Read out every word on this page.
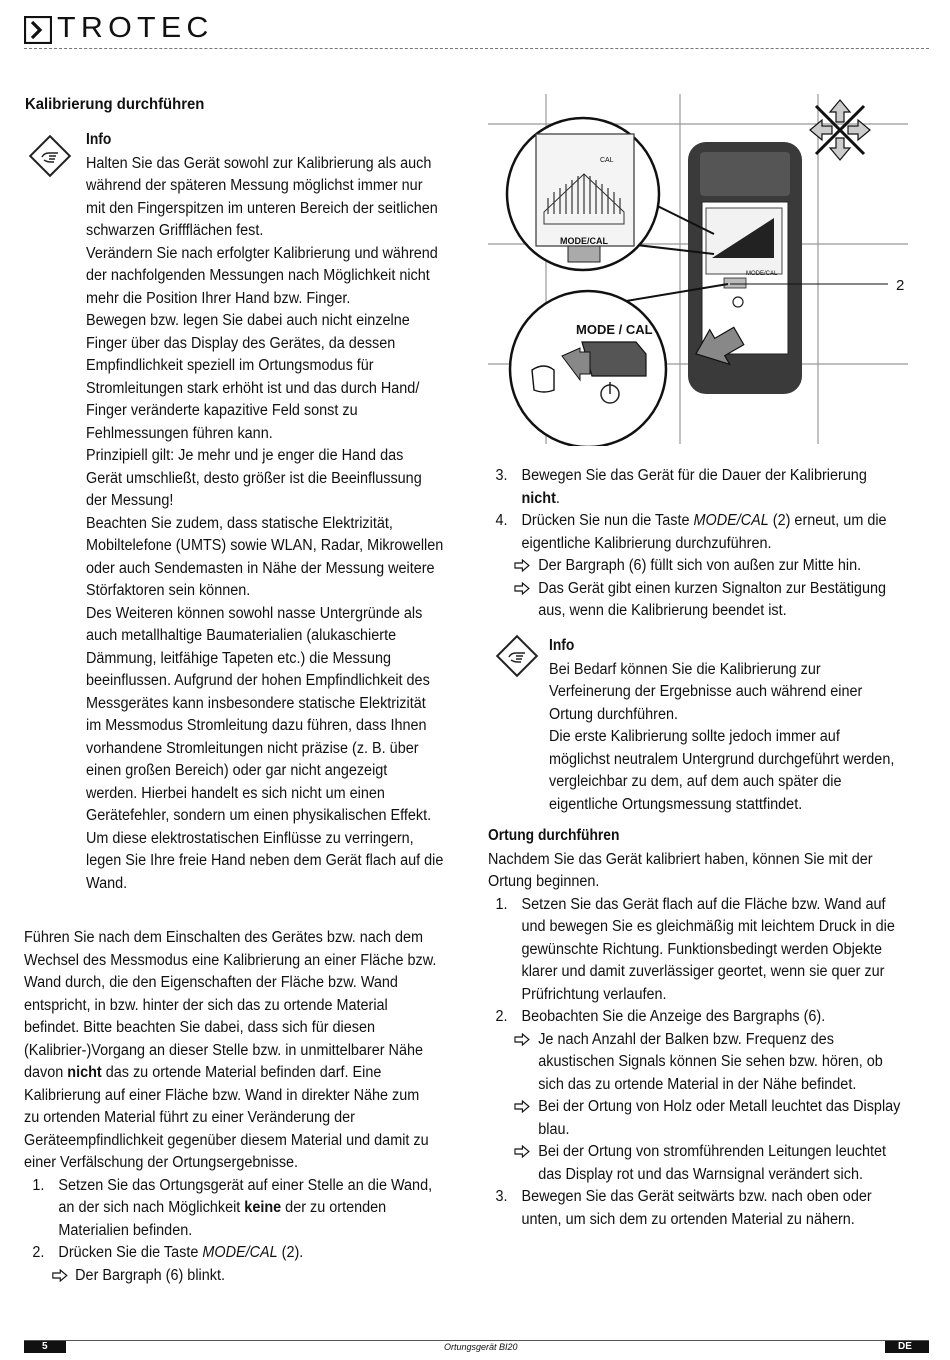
TROTEC
Kalibrierung durchführen
Info
Halten Sie das Gerät sowohl zur Kalibrierung als auch
während der späteren Messung möglichst immer nur
mit den Fingerspitzen im unteren Bereich der seitlichen
schwarzen Griffflächen fest.
Verändern Sie nach erfolgter Kalibrierung und während
der nachfolgenden Messungen nach Möglichkeit nicht
mehr die Position Ihrer Hand bzw. Finger.
Bewegen bzw. legen Sie dabei auch nicht einzelne
Finger über das Display des Gerätes, da dessen
Empfindlichkeit speziell im Ortungsmodus für
Stromleitungen stark erhöht ist und das durch Hand/
Finger veränderte kapazitive Feld sonst zu
Fehlmessungen führen kann.
Prinzipiell gilt: Je mehr und je enger die Hand das
Gerät umschließt, desto größer ist die Beeinflussung
der Messung!
Beachten Sie zudem, dass statische Elektrizität,
Mobiltelefone (UMTS) sowie WLAN, Radar, Mikrowellen
oder auch Sendemasten in Nähe der Messung weitere
Störfaktoren sein können.
Des Weiteren können sowohl nasse Untergründe als
auch metallhaltige Baumaterialien (alukaschierte
Dämmung, leitfähige Tapeten etc.) die Messung
beeinflussen. Aufgrund der hohen Empfindlichkeit des
Messgerätes kann insbesondere statische Elektrizität
im Messmodus Stromleitung dazu führen, dass Ihnen
vorhandene Stromleitungen nicht präzise (z. B. über
einen großen Bereich) oder gar nicht angezeigt
werden. Hierbei handelt es sich nicht um einen
Gerätefehler, sondern um einen physikalischen Effekt.
Um diese elektrostatischen Einflüsse zu verringern,
legen Sie Ihre freie Hand neben dem Gerät flach auf die
Wand.
Führen Sie nach dem Einschalten des Gerätes bzw. nach dem
Wechsel des Messmodus eine Kalibrierung an einer Fläche bzw.
Wand durch, die den Eigenschaften der Fläche bzw. Wand
entspricht, in bzw. hinter der sich das zu ortende Material
befindet. Bitte beachten Sie dabei, dass sich für diesen
(Kalibrier-)Vorgang an dieser Stelle bzw. in unmittelbarer Nähe
davon nicht das zu ortende Material befinden darf. Eine
Kalibrierung auf einer Fläche bzw. Wand in direkter Nähe zum
zu ortenden Material führt zu einer Veränderung der
Geräteempfindlichkeit gegenüber diesem Material und damit zu
einer Verfälschung der Ortungsergebnisse.
1. Setzen Sie das Ortungsgerät auf einer Stelle an die Wand,
an der sich nach Möglichkeit keine der zu ortenden
Materialien befinden.
2. Drücken Sie die Taste MODE/CAL (2).
Der Bargraph (6) blinkt.
MODE/CAL
CAL
MODE/CAL
MODE / CAL
2
3. Bewegen Sie das Gerät für die Dauer der Kalibrierung
nicht.
4. Drücken Sie nun die Taste MODE/CAL (2) erneut, um die
eigentliche Kalibrierung durchzuführen.
Der Bargraph (6) füllt sich von außen zur Mitte hin.
Das Gerät gibt einen kurzen Signalton zur Bestätigung
aus, wenn die Kalibrierung beendet ist.
Info
Bei Bedarf können Sie die Kalibrierung zur
Verfeinerung der Ergebnisse auch während einer
Ortung durchführen.
Die erste Kalibrierung sollte jedoch immer auf
möglichst neutralem Untergrund durchgeführt werden,
vergleichbar zu dem, auf dem auch später die
eigentliche Ortungsmessung stattfindet.
Ortung durchführen
Nachdem Sie das Gerät kalibriert haben, können Sie mit der
Ortung beginnen.
1. Setzen Sie das Gerät flach auf die Fläche bzw. Wand auf
und bewegen Sie es gleichmäßig mit leichtem Druck in die
gewünschte Richtung. Funktionsbedingt werden Objekte
klarer und damit zuverlässiger geortet, wenn sie quer zur
Prüfrichtung verlaufen.
2. Beobachten Sie die Anzeige des Bargraphs (6).
Je nach Anzahl der Balken bzw. Frequenz des
akustischen Signals können Sie sehen bzw. hören, ob
sich das zu ortende Material in der Nähe befindet.
Bei der Ortung von Holz oder Metall leuchtet das Display
blau.
Bei der Ortung von stromführenden Leitungen leuchtet
das Display rot und das Warnsignal verändert sich.
3. Bewegen Sie das Gerät seitwärts bzw. nach oben oder
unten, um sich dem zu ortenden Material zu nähern.
5	Ortungsgerät BI20	DE
